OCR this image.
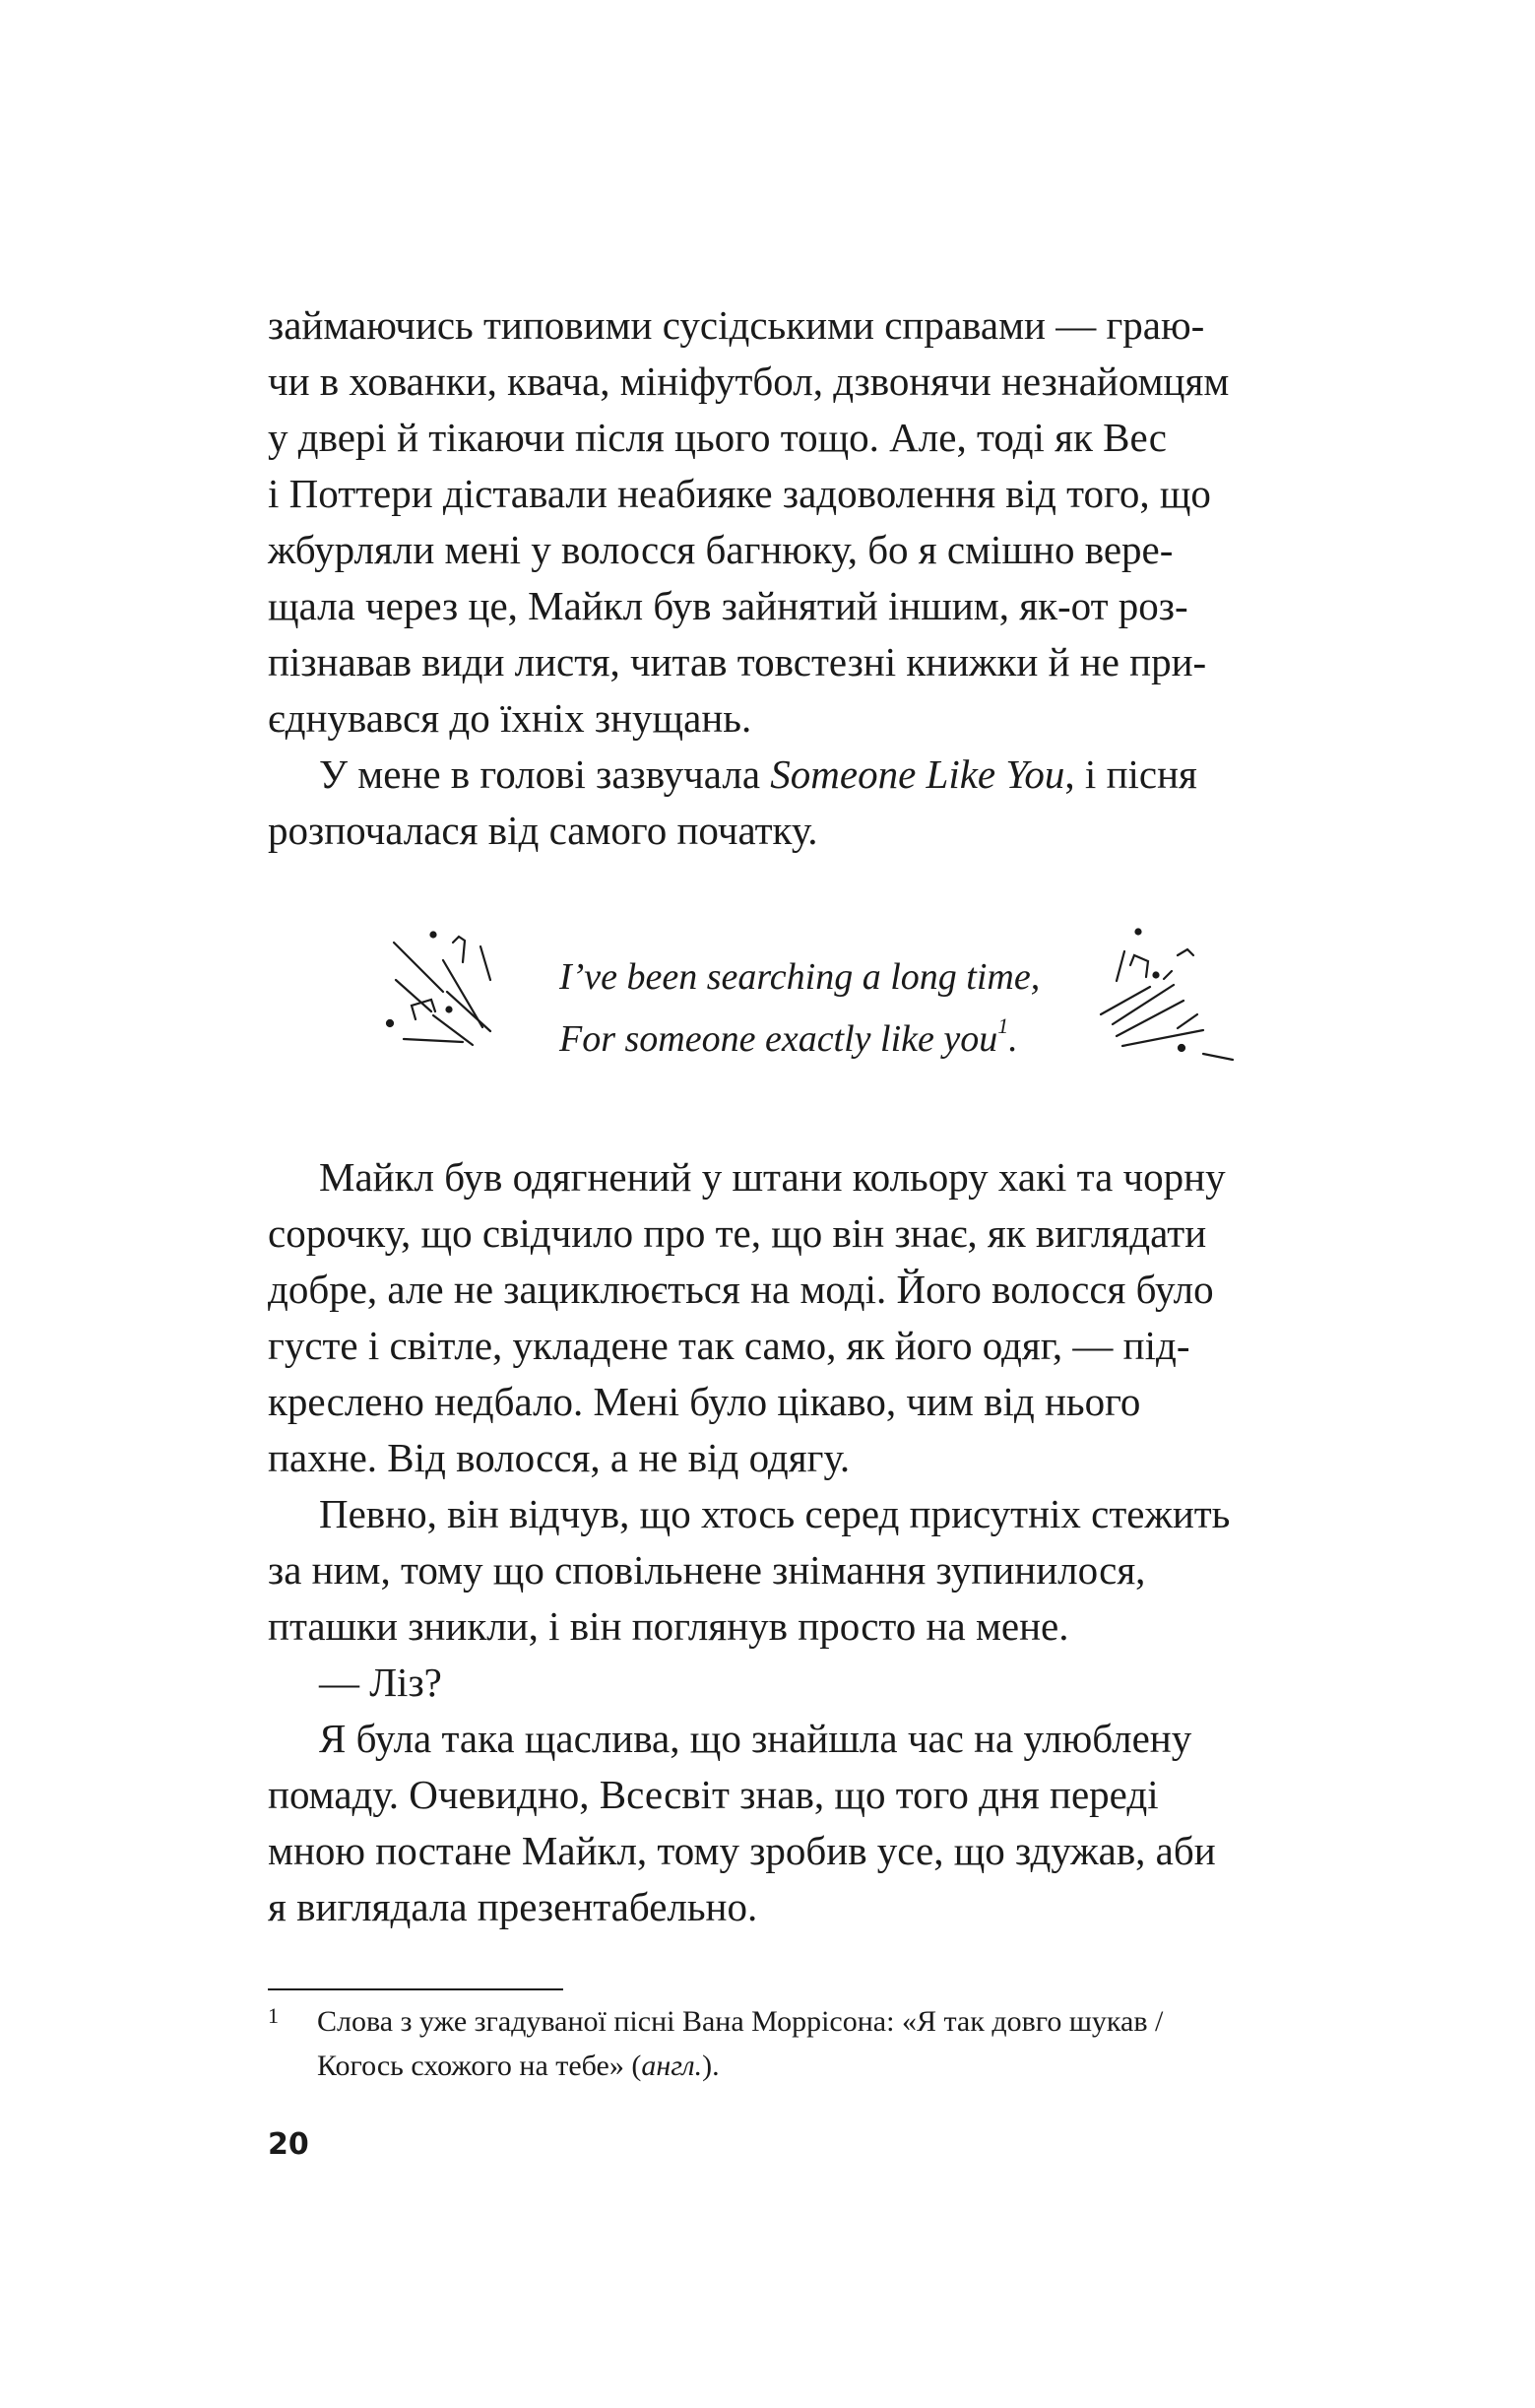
займаючись типовими сусідськими справами — граю-
чи в хованки, квача, мініфутбол, дзвонячи незнайомцям
у двері й тікаючи після цього тощо. Але, тоді як Вес
і Поттери діставали неабияке задоволення від того, що
жбурляли мені у волосся багнюку, бо я смішно вере-
щала через це, Майкл був зайнятий іншим, як-от роз-
пізнавав види листя, читав товстезні книжки й не при-
єднувався до їхніх знущань.
У мене в голові зазвучала Someone Like You, і пісня
розпочалася від самого початку.
I’ve been searching a long time,
For someone exactly like you$^1$.
Майкл був одягнений у штани кольору хакі та чорну
сорочку, що свідчило про те, що він знає, як виглядати
добре, але не зациклюється на моді. Його волосся було
густе і світле, укладене так само, як його одяг, — під-
креслено недбало. Мені було цікаво, чим від нього
пахне. Від волосся, а не від одягу.
Певно, він відчув, що хтось серед присутніх стежить
за ним, тому що сповільнене знімання зупинилося,
пташки зникли, і він поглянув просто на мене.
— Ліз?
Я була така щаслива, що знайшла час на улюблену
помаду. Очевидно, Всесвіт знав, що того дня переді
мною постане Майкл, тому зробив усе, що здужав, аби
я виглядала презентабельно.
1 Слова з уже згадуваної пісні Вана Моррісона: «Я так довго шукав /
Когось схожого на тебе» (англ.).
20
